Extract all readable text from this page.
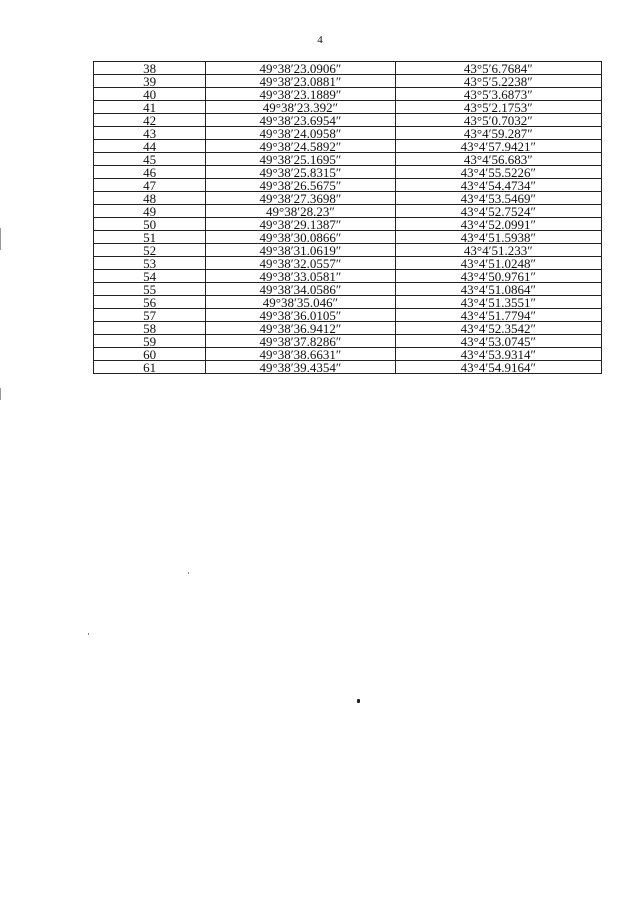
4
38	49°38′23.0906″	43°5′6.7684″
39	49°38′23.0881″	43°5′5.2238″
40	49°38′23.1889″	43°5′3.6873″
41	49°38′23.392″	43°5′2.1753″
42	49°38′23.6954″	43°5′0.7032″
43	49°38′24.0958″	43°4′59.287″
44	49°38′24.5892″	43°4′57.9421″
45	49°38′25.1695″	43°4′56.683″
46	49°38′25.8315″	43°4′55.5226″
47	49°38′26.5675″	43°4′54.4734″
48	49°38′27.3698″	43°4′53.5469″
49	49°38′28.23″	43°4′52.7524″
50	49°38′29.1387″	43°4′52.0991″
51	49°38′30.0866″	43°4′51.5938″
52	49°38′31.0619″	43°4′51.233″
53	49°38′32.0557″	43°4′51.0248″
54	49°38′33.0581″	43°4′50.9761″
55	49°38′34.0586″	43°4′51.0864″
56	49°38′35.046″	43°4′51.3551″
57	49°38′36.0105″	43°4′51.7794″
58	49°38′36.9412″	43°4′52.3542″
59	49°38′37.8286″	43°4′53.0745″
60	49°38′38.6631″	43°4′53.9314″
61	49°38′39.4354″	43°4′54.9164″
